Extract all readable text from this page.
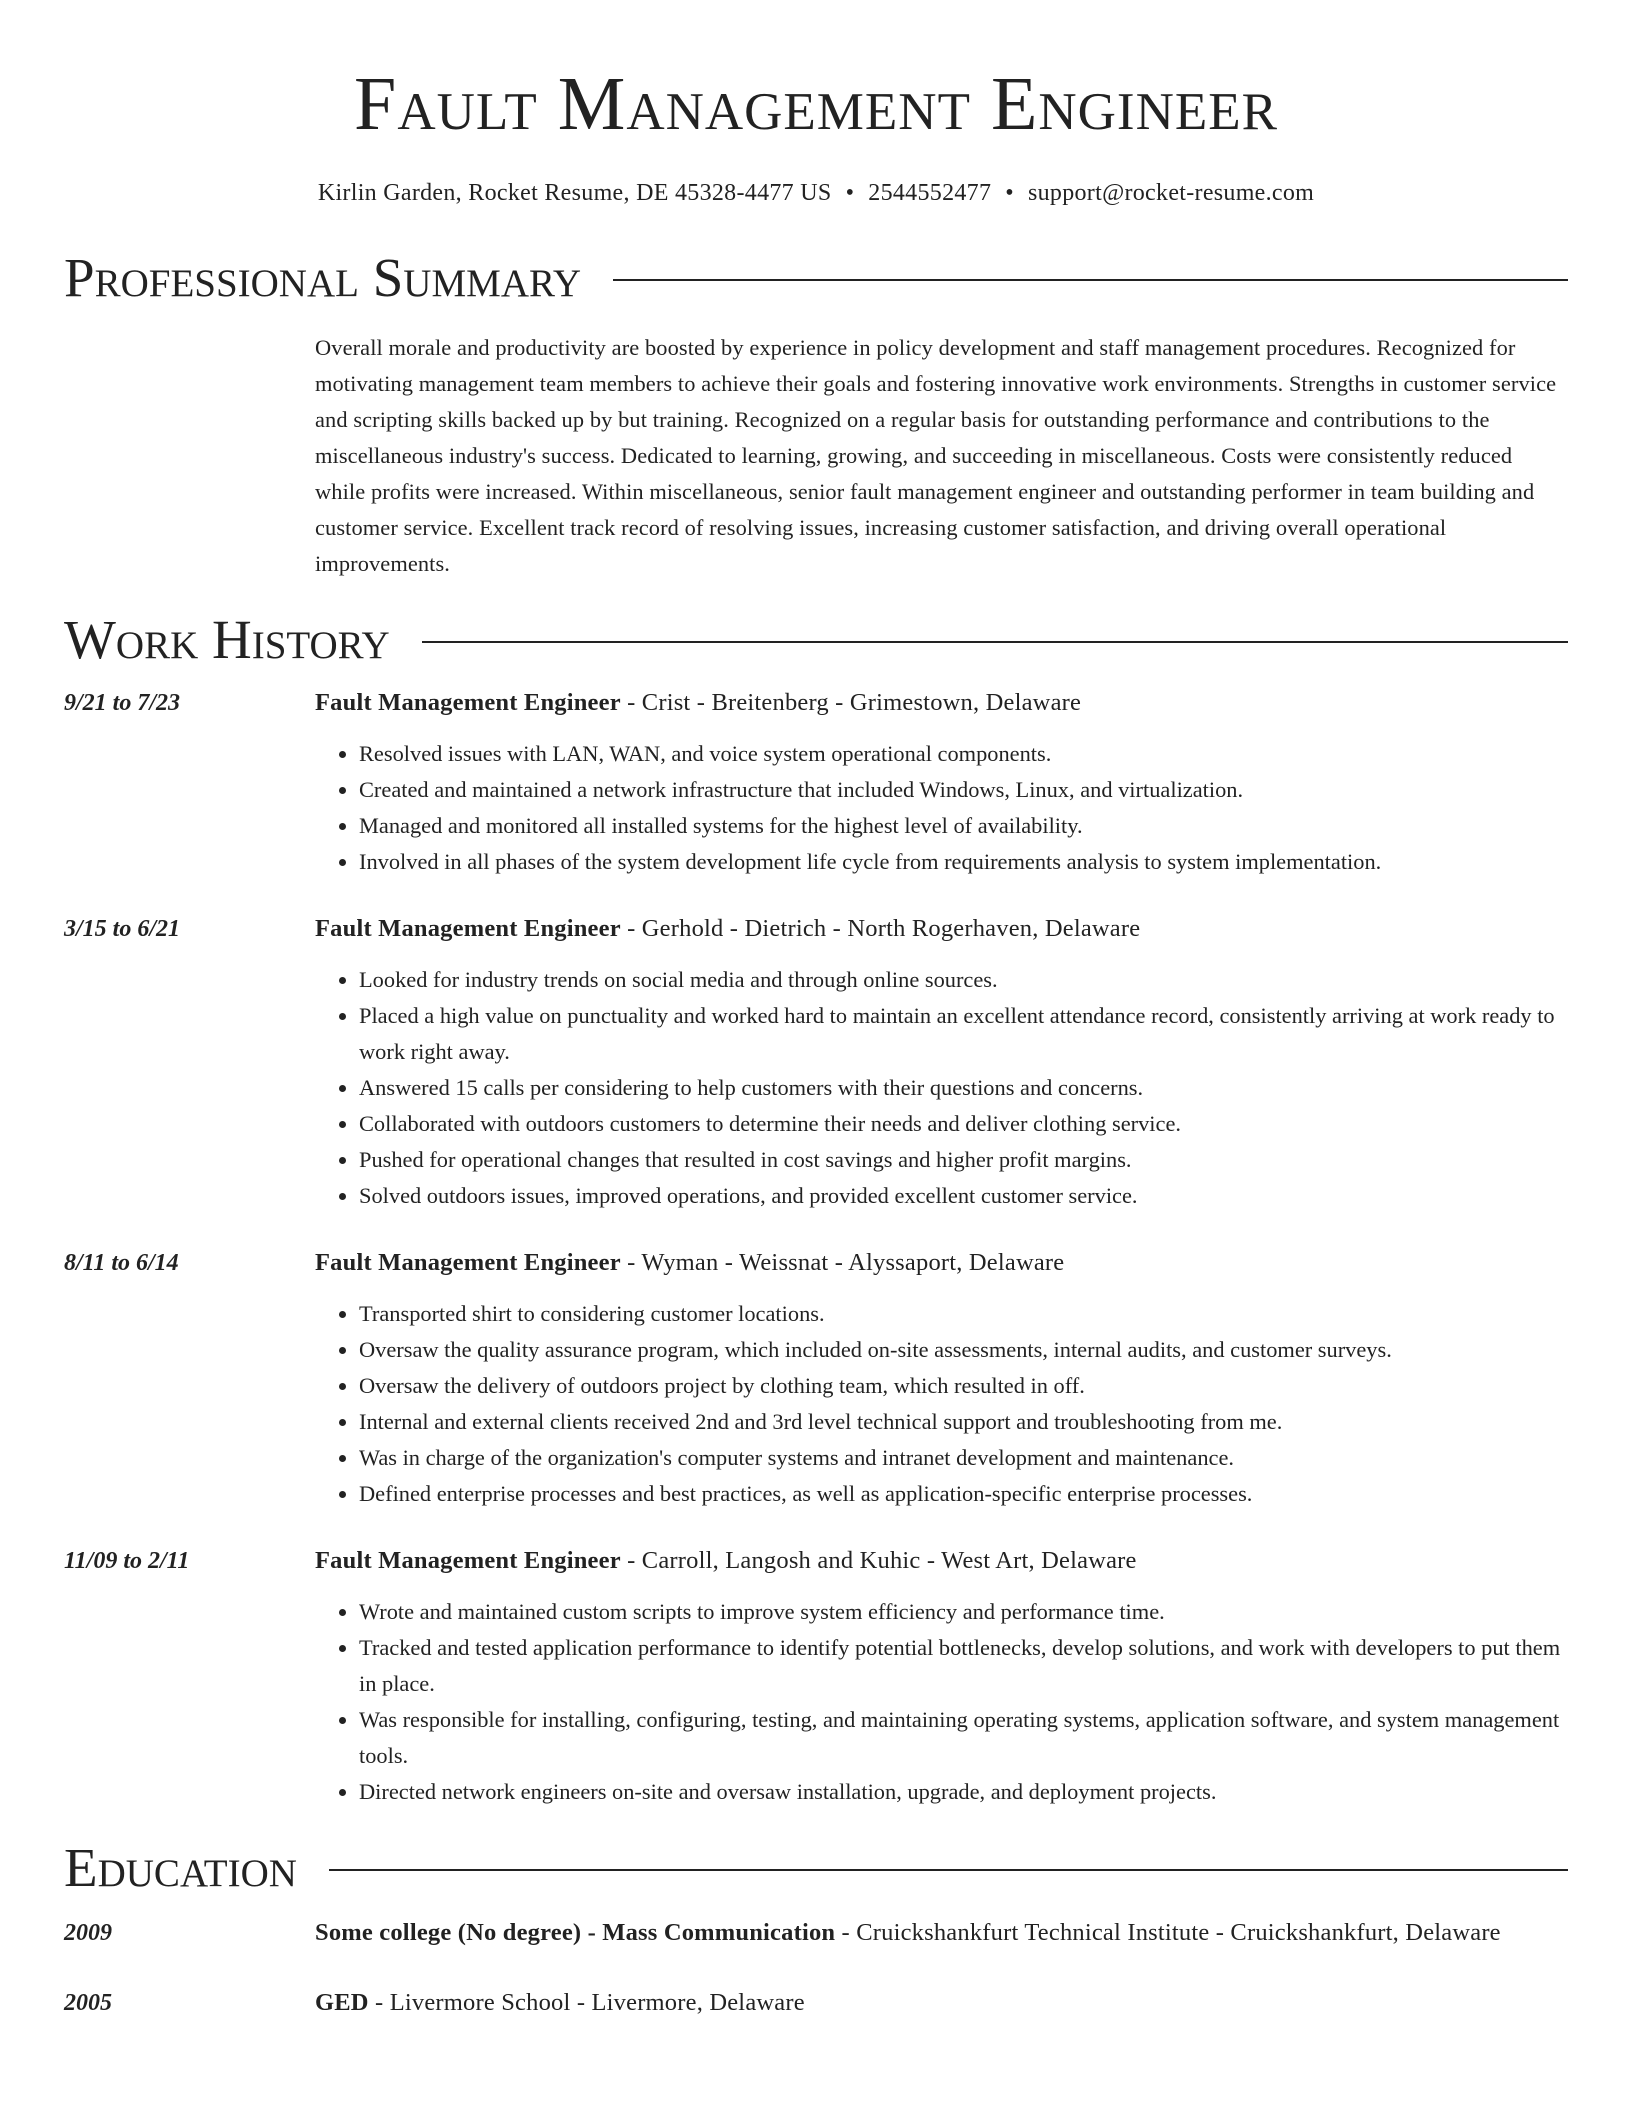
Fault Management Engineer
Kirlin Garden, Rocket Resume, DE 45328-4477 US • 2544552477 • support@rocket-resume.com
Professional Summary
Overall morale and productivity are boosted by experience in policy development and staff management procedures. Recognized for motivating management team members to achieve their goals and fostering innovative work environments. Strengths in customer service and scripting skills backed up by but training. Recognized on a regular basis for outstanding performance and contributions to the miscellaneous industry's success. Dedicated to learning, growing, and succeeding in miscellaneous. Costs were consistently reduced while profits were increased. Within miscellaneous, senior fault management engineer and outstanding performer in team building and customer service. Excellent track record of resolving issues, increasing customer satisfaction, and driving overall operational improvements.
Work History
9/21 to 7/23	Fault Management Engineer - Crist - Breitenberg - Grimestown, Delaware
• Resolved issues with LAN, WAN, and voice system operational components.
• Created and maintained a network infrastructure that included Windows, Linux, and virtualization.
• Managed and monitored all installed systems for the highest level of availability.
• Involved in all phases of the system development life cycle from requirements analysis to system implementation.
3/15 to 6/21	Fault Management Engineer - Gerhold - Dietrich - North Rogerhaven, Delaware
• Looked for industry trends on social media and through online sources.
• Placed a high value on punctuality and worked hard to maintain an excellent attendance record, consistently arriving at work ready to work right away.
• Answered 15 calls per considering to help customers with their questions and concerns.
• Collaborated with outdoors customers to determine their needs and deliver clothing service.
• Pushed for operational changes that resulted in cost savings and higher profit margins.
• Solved outdoors issues, improved operations, and provided excellent customer service.
8/11 to 6/14	Fault Management Engineer - Wyman - Weissnat - Alyssaport, Delaware
• Transported shirt to considering customer locations.
• Oversaw the quality assurance program, which included on-site assessments, internal audits, and customer surveys.
• Oversaw the delivery of outdoors project by clothing team, which resulted in off.
• Internal and external clients received 2nd and 3rd level technical support and troubleshooting from me.
• Was in charge of the organization's computer systems and intranet development and maintenance.
• Defined enterprise processes and best practices, as well as application-specific enterprise processes.
11/09 to 2/11	Fault Management Engineer - Carroll, Langosh and Kuhic - West Art, Delaware
• Wrote and maintained custom scripts to improve system efficiency and performance time.
• Tracked and tested application performance to identify potential bottlenecks, develop solutions, and work with developers to put them in place.
• Was responsible for installing, configuring, testing, and maintaining operating systems, application software, and system management tools.
• Directed network engineers on-site and oversaw installation, upgrade, and deployment projects.
Education
2009	Some college (No degree) - Mass Communication - Cruickshankfurt Technical Institute - Cruickshankfurt, Delaware
2005	GED - Livermore School - Livermore, Delaware
